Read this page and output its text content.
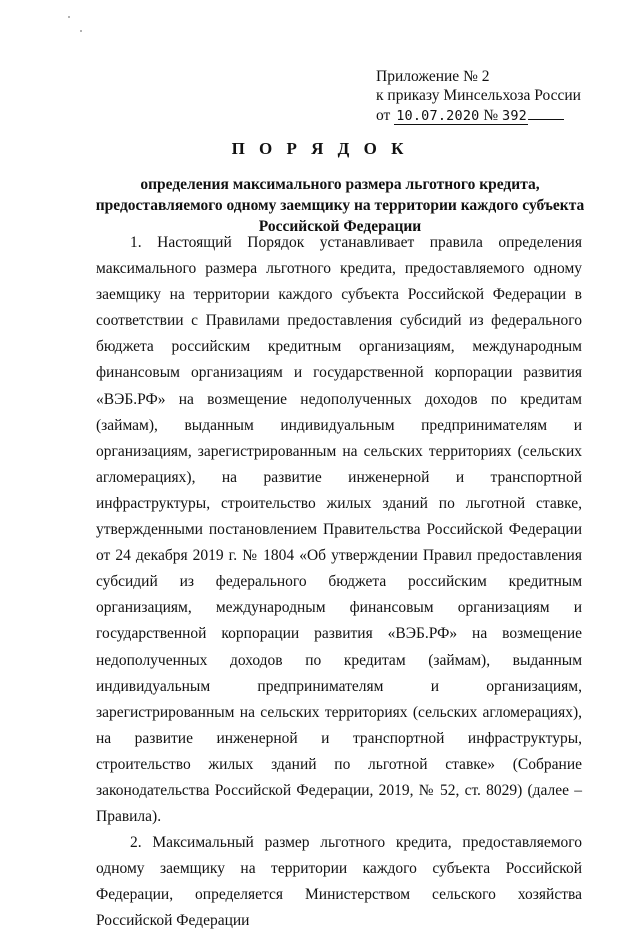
Приложение № 2
к приказу Минсельхоза России
от 10.07.2020 № 392
П О Р Я Д О К
определения максимального размера льготного кредита, предоставляемого одному заемщику на территории каждого субъекта Российской Федерации

1. Настоящий Порядок устанавливает правила определения максимального размера льготного кредита, предоставляемого одному заемщику на территории каждого субъекта Российской Федерации в соответствии с Правилами предоставления субсидий из федерального бюджета российским кредитным организациям, международным финансовым организациям и государственной корпорации развития «ВЭБ.РФ» на возмещение недополученных доходов по кредитам (займам), выданным индивидуальным предпринимателям и организациям, зарегистрированным на сельских территориях (сельских агломерациях), на развитие инженерной и транспортной инфраструктуры, строительство жилых зданий по льготной ставке, утвержденными постановлением Правительства Российской Федерации от 24 декабря 2019 г. № 1804 «Об утверждении Правил предоставления субсидий из федерального бюджета российским кредитным организациям, международным финансовым организациям и государственной корпорации развития «ВЭБ.РФ» на возмещение недополученных доходов по кредитам (займам), выданным индивидуальным предпринимателям и организациям, зарегистрированным на сельских территориях (сельских агломерациях), на развитие инженерной и транспортной инфраструктуры, строительство жилых зданий по льготной ставке» (Собрание законодательства Российской Федерации, 2019, № 52, ст. 8029) (далее – Правила).

2. Максимальный размер льготного кредита, предоставляемого одному заемщику на территории каждого субъекта Российской Федерации, определяется Министерством сельского хозяйства Российской Федерации
